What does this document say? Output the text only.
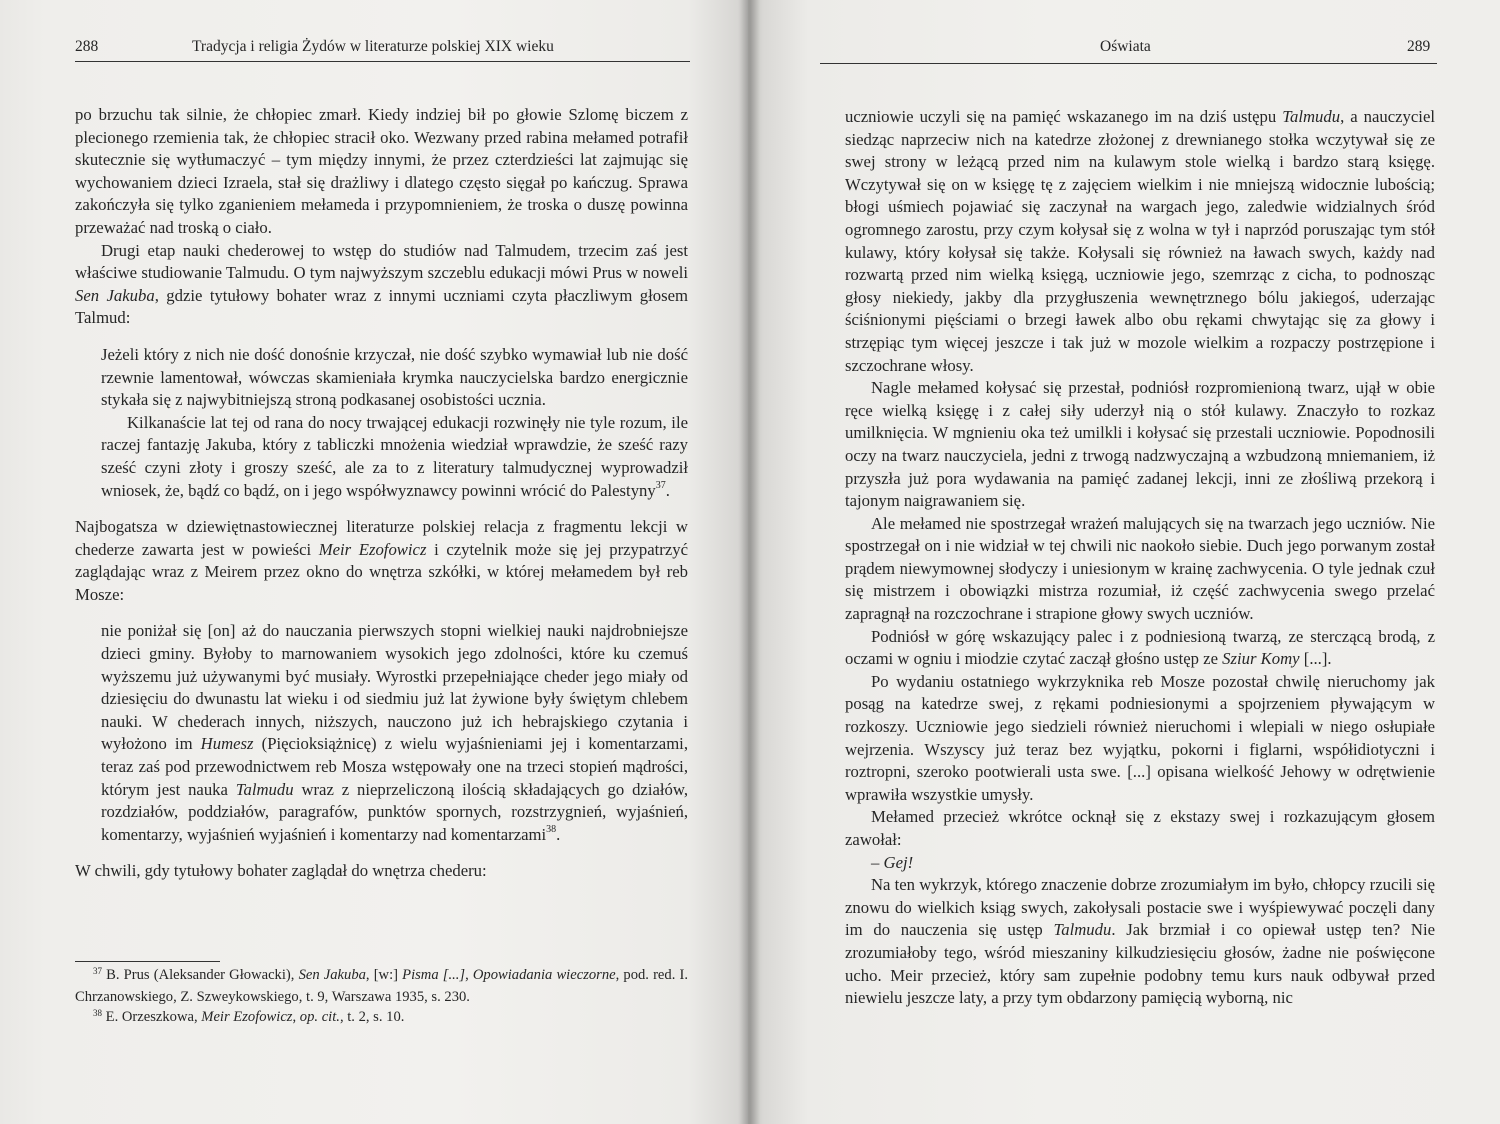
288	Tradycja i religia Żydów w literaturze polskiej XIX wieku

po brzuchu tak silnie, że chłopiec zmarł. Kiedy indziej bił po głowie Szlomę biczem z plecionego rzemienia tak, że chłopiec stracił oko. Wezwany przed rabina mełamed potrafił skutecznie się wytłumaczyć – tym między innymi, że przez czterdzieści lat zajmując się wychowaniem dzieci Izraela, stał się drażliwy i dlatego często sięgał po kańczug. Sprawa zakończyła się tylko zganieniem mełameda i przypomnieniem, że troska o duszę powinna przeważać nad troską o ciało.

Drugi etap nauki chederowej to wstęp do studiów nad Talmudem, trzecim zaś jest właściwe studiowanie Talmudu. O tym najwyższym szczeblu edukacji mówi Prus w noweli Sen Jakuba, gdzie tytułowy bohater wraz z innymi uczniami czyta płaczliwym głosem Talmud:

Jeżeli który z nich nie dość donośnie krzyczał, nie dość szybko wymawiał lub nie dość rzewnie lamentował, wówczas skamieniała krymka nauczycielska bardzo energicznie stykała się z najwybitniejszą stroną podkasanej osobistości ucznia.

Kilkanaście lat tej od rana do nocy trwającej edukacji rozwinęły nie tyle rozum, ile raczej fantazję Jakuba, który z tabliczki mnożenia wiedział wprawdzie, że sześć razy sześć czyni złoty i groszy sześć, ale za to z literatury talmudycznej wyprowadził wniosek, że, bądź co bądź, on i jego współwyznawcy powinni wrócić do Palestyny$^{37}$.

Najbogatsza w dziewiętnastowiecznej literaturze polskiej relacja z fragmentu lekcji w chederze zawarta jest w powieści Meir Ezofowicz i czytelnik może się jej przypatrzyć zaglądając wraz z Meirem przez okno do wnętrza szkółki, w której mełamedem był reb Mosze:

nie poniżał się [on] aż do nauczania pierwszych stopni wielkiej nauki najdrobniejsze dzieci gminy. Byłoby to marnowaniem wysokich jego zdolności, które ku czemuś wyższemu już używanymi być musiały. Wyrostki przepełniające cheder jego miały od dziesięciu do dwunastu lat wieku i od siedmiu już lat żywione były świętym chlebem nauki. W chederach innych, niższych, nauczono już ich hebrajskiego czytania i wyłożono im Humesz (Pięcioksiążnicę) z wielu wyjaśnieniami jej i komentarzami, teraz zaś pod przewodnictwem reb Mosza wstępowały one na trzeci stopień mądrości, którym jest nauka Talmudu wraz z nieprzeliczoną ilością składających go działów, rozdziałów, poddziałów, paragrafów, punktów spornych, rozstrzygnień, wyjaśnień, komentarzy, wyjaśnień wyjaśnień i komentarzy nad komentarzami$^{38}$.

W chwili, gdy tytułowy bohater zaglądał do wnętrza chederu:

$^{37}$ B. Prus (Aleksander Głowacki), Sen Jakuba, [w:] Pisma [...], Opowiadania wieczorne, pod. red. I. Chrzanowskiego, Z. Szweykowskiego, t. 9, Warszawa 1935, s. 230.

$^{38}$ E. Orzeszkowa, Meir Ezofowicz, op. cit., t. 2, s. 10.

Oświata	289

uczniowie uczyli się na pamięć wskazanego im na dziś ustępu Talmudu, a nauczyciel siedząc naprzeciw nich na katedrze złożonej z drewnianego stołka wczytywał się ze swej strony w leżącą przed nim na kulawym stole wielką i bardzo starą księgę. Wczytywał się on w księgę tę z zajęciem wielkim i nie mniejszą widocznie lubością; błogi uśmiech pojawiać się zaczynał na wargach jego, zaledwie widzialnych śród ogromnego zarostu, przy czym kołysał się z wolna w tył i naprzód poruszając tym stół kulawy, który kołysał się także. Kołysali się również na ławach swych, każdy nad rozwartą przed nim wielką księgą, uczniowie jego, szemrząc z cicha, to podnosząc głosy niekiedy, jakby dla przygłuszenia wewnętrznego bólu jakiegoś, uderzając ściśnionymi pięściami o brzegi ławek albo obu rękami chwytając się za głowy i strzępiąc tym więcej jeszcze i tak już w mozole wielkim a rozpaczy postrzępione i szczochrane włosy.

Nagle mełamed kołysać się przestał, podniósł rozpromienioną twarz, ujął w obie ręce wielką księgę i z całej siły uderzył nią o stół kulawy. Znaczyło to rozkaz umilknięcia. W mgnieniu oka też umilkli i kołysać się przestali uczniowie. Popodnosili oczy na twarz nauczyciela, jedni z trwogą nadzwyczajną a wzbudzoną mniemaniem, iż przyszła już pora wydawania na pamięć zadanej lekcji, inni ze złośliwą przekorą i tajonym naigrawaniem się.

Ale mełamed nie spostrzegał wrażeń malujących się na twarzach jego uczniów. Nie spostrzegał on i nie widział w tej chwili nic naokoło siebie. Duch jego porwanym został prądem niewymownej słodyczy i uniesionym w krainę zachwycenia. O tyle jednak czuł się mistrzem i obowiązki mistrza rozumiał, iż część zachwycenia swego przelać zapragnął na rozczochrane i strapione głowy swych uczniów.

Podniósł w górę wskazujący palec i z podniesioną twarzą, ze sterczącą brodą, z oczami w ogniu i miodzie czytać zaczął głośno ustęp ze Sziur Komy [...].

Po wydaniu ostatniego wykrzyknika reb Mosze pozostał chwilę nieruchomy jak posąg na katedrze swej, z rękami podniesionymi a spojrzeniem pływającym w rozkoszy. Uczniowie jego siedzieli również nieruchomi i wlepiali w niego osłupiałe wejrzenia. Wszyscy już teraz bez wyjątku, pokorni i figlarni, współidiotyczni i roztropni, szeroko pootwierali usta swe. [...] opisana wielkość Jehowy w odrętwienie wprawiła wszystkie umysły.

Mełamed przecież wkrótce ocknął się z ekstazy swej i rozkazującym głosem zawołał:

– Gej!

Na ten wykrzyk, którego znaczenie dobrze zrozumiałym im było, chłopcy rzucili się znowu do wielkich ksiąg swych, zakołysali postacie swe i wyśpiewywać poczęli dany im do nauczenia się ustęp Talmudu. Jak brzmiał i co opiewał ustęp ten? Nie zrozumiałoby tego, wśród mieszaniny kilkudziesięciu głosów, żadne nie poświęcone ucho. Meir przecież, który sam zupełnie podobny temu kurs nauk odbywał przed niewielu jeszcze laty, a przy tym obdarzony pamięcią wyborną, nic
